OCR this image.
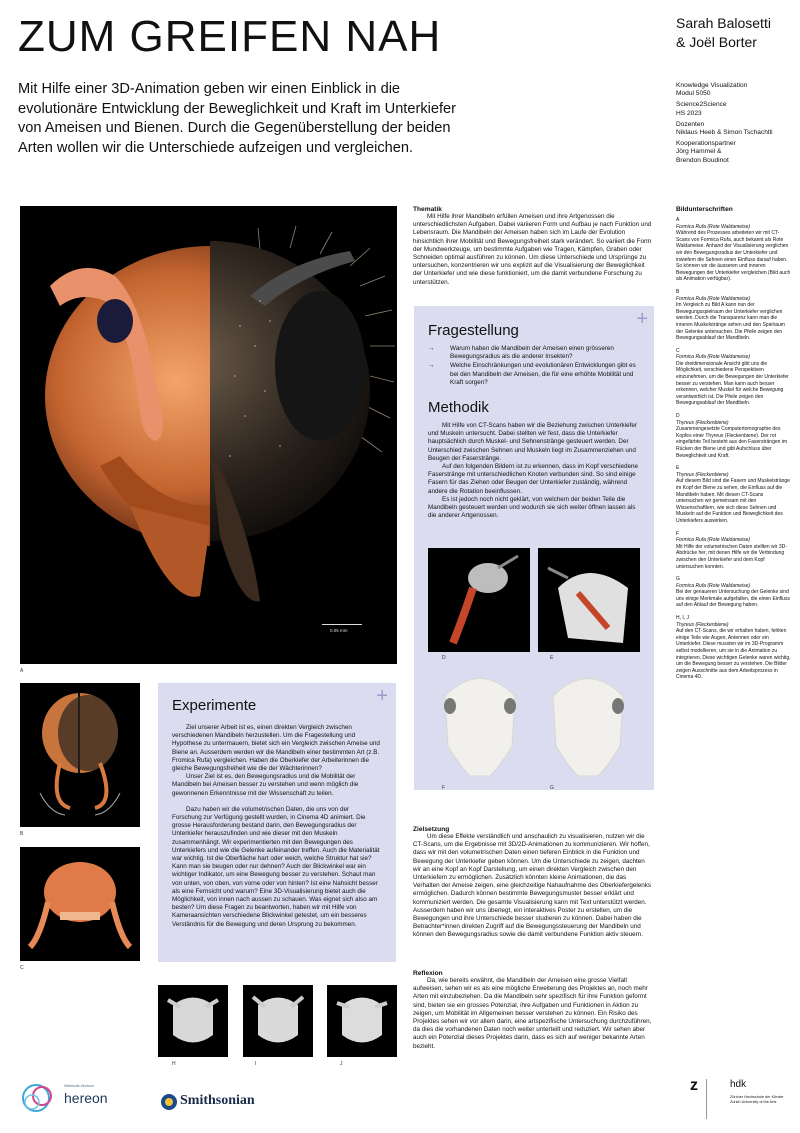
ZUM GREIFEN NAH	Sarah Balosetti
& Joël Borter
Mit Hilfe einer 3D-Animation geben wir einen Einblick in die evolutionäre Entwicklung der Beweglichkeit und Kraft im Unterkiefer von Ameisen und Bienen. Durch die Gegenüberstellung der beiden Arten wollen wir die Unterschiede aufzeigen und vergleichen.
Knowledge Visualization
Modul 5050
Science2Science
HS 2023
Dozenten
Niklaus Heeb & Simon Tschachtli
Kooperationspartner
Jörg Hammel &
Brendon Boudinot
0.05 mm
A
B
C
H	I	J
+
Experimente

Ziel unserer Arbeit ist es, einen direkten Vergleich zwischen verschiedenen Mandibeln herzustellen. Um die Fragestellung und Hypothese zu untermauern, bietet sich ein Vergleich zwischen Ameise und Biene an. Ausserdem werden wir die Mandibeln einer bestimmten Art (z.B. Fromica Rufa) vergleichen. Haben die Oberkiefer der Arbeiterinnen die gleiche Bewegungsfreiheit wie die der Wächterinnen?

Unser Ziel ist es, den Bewegungsradius und die Mobilität der Mandibeln bei Ameisen besser zu verstehen und wenn möglich die gewonnenen Erkenntnisse mit der Wissenschaft zu teilen.

Dazu haben wir die volumetrischen Daten, die uns von der Forschung zur Verfügung gestellt wurden, in Cinema 4D animiert. Die grosse Herausforderung bestand darin, den Bewegungsradius der Unterkiefer herauszufinden und wie dieser mit den Muskeln zusammenhängt. Wir experimentierten mit den Bewegungen des Unterkiefers und wie die Gelenke aufeinander treffen. Auch die Materialität war wichtig. Ist die Oberfläche hart oder weich, welche Struktur hat sie? Kann man sie beugen oder nur dehnen? Auch der Blickwinkel war ein wichtiger Indikator, um eine Bewegung besser zu verstehen. Schaut man von unten, von oben, von vorne oder von hinten? Ist eine Nahsicht besser als eine Fernsicht und warum? Eine 3D-Visualisierung bietet auch die Möglichkeit, von innen nach aussen zu schauen. Was eignet sich also am besten? Um diese Fragen zu beantworten, haben wir mit Hilfe von Kameraansichten verschiedene Blickwinkel getestet, um ein besseres Verständnis für die Bewegung und deren Ursprung zu bekommen.

Thematik

Mit Hilfe ihrer Mandibeln erfüllen Ameisen und ihre Artgenossen die unterschiedlichsten Aufgaben. Dabei variieren Form und Aufbau je nach Funktion und Lebensraum. Die Mandibeln der Ameisen haben sich im Laufe der Evolution hinsichtlich ihrer Mobilität und Bewegungsfreiheit stark verändert. So variiert die Form der Mundwerkzeuge, um bestimmte Aufgaben wie Tragen, Kämpfen, Graben oder Schneiden optimal ausführen zu können. Um diese Unterschiede und Ursprünge zu untersuchen, konzentrieren wir uns explizit auf die Visualisierung der Beweglichkeit der Unterkiefer und wie diese funktioniert, um die damit verbundene Forschung zu unterstützen.

+
Fragestellung
→ Warum haben die Mandibeln der Ameisen einen grösseren Bewegungsradius als die anderer Insekten?
→ Welche Einschränkungen und evolutionären Entwicklungen gibt es bei den Mandibeln der Ameisen, die für eine erhöhte Mobilität und Kraft sorgen?
Methodik

Mit Hilfe von CT-Scans haben wir die Beziehung zwischen Unterkiefer und Muskeln untersucht. Dabei stellten wir fest, dass die Unterkiefer hauptsächlich durch Muskel- und Sehnenstränge gesteuert werden. Der Unterschied zwischen Sehnen und Muskeln liegt im Zusammenziehen und Beugen der Faserstränge.

Auf den folgenden Bildern ist zu erkennen, dass im Kopf verschiedene Faserstränge mit unterschiedlichen Knoten verbunden sind. So sind einige Fasern für das Ziehen oder Beugen der Unterkiefer zuständig, während andere die Rotation beeinflussen.

Es ist jedoch noch nicht geklärt, von welchem der beiden Teile die Mandibeln gesteuert werden und wodurch sie sich weiter öffnen lassen als die anderer Artgenossen.

D	E
F	G
Zielsetzung

Um diese Effekte verständlich und anschaulich zu visualisieren, nutzen wir die CT-Scans, um die Ergebnisse mit 3D/2D-Animationen zu kommunizieren. Wir hoffen, dass wir mit den volumetrischen Daten einen tieferen Einblick in die Funktion und Bewegung der Unterkiefer geben können. Um die Unterschiede zu zeigen, dachten wir an eine Kopf an Kopf Darstellung, um einen direkten Vergleich zwischen den Unterkiefern zu ermöglichen. Zusätzlich könnten kleine Animationen, die das Verhalten der Ameise zeigen, eine gleichzeitige Nahaufnahme des Oberkiefergelenks ermöglichen. Dadurch können bestimmte Bewegungsmuster besser erklärt und kommuniziert werden. Die gesamte Visualisierung kann mit Text unterstützt werden. Ausserdem haben wir uns überlegt, ein interaktives Poster zu erstellen, um die Bewegungen und ihre Unterschiede besser studieren zu können. Dabei haben die Betrachter*innen direkten Zugriff auf die Bewegungssteuerung der Mandibeln und können den Bewegungsradius sowie die damit verbundene Funktion aktiv steuern.

Reflexion

Da, wie bereits erwähnt, die Mandibeln der Ameisen eine grosse Vielfalt aufweisen, sehen wir es als eine mögliche Erweiterung des Projektes an, noch mehr Arten mit einzubeziehen. Da die Mandibeln sehr spezifisch für ihre Funktion geformt sind, bieten sie ein grosses Potenzial, ihre Aufgaben und Funktionen in Aktion zu zeigen, um Mobilität im Allgemeinen besser verstehen zu können. Ein Risiko des Projektes sehen wir vor allem darin, eine artspezifische Untersuchung durchzuführen, da dies die vorhandenen Daten noch weiter unterteilt und reduziert. Wir sehen aber auch ein Potenzial dieses Projektes darin, dass es sich auf weniger bekannte Arten bezieht.

Bildunterschriften
A
Formica Rufa (Rote Waldameise)
Während des Prozesses arbeiteten wir mit CT-Scans von Formica Rufa, auch bekannt als Rote Waldameise. Anhand der Visualisierung verglichen wir den Bewegungsradius der Unterkiefer und inwiefern die Sehnen einen Einfluss darauf haben. So können wir die äusseren und inneren Bewegungen der Unterkiefer vergleichen (Bild auch als Animation verfügbar).
B
Formica Rufa (Rote Waldameise)
Im Vergleich zu Bild A kann nun der Bewegungsspielraum der Unterkiefer verglichen werden. Durch die Transparenz kann man die inneren Muskelstränge sehen und den Spielraum der Gelenke untersuchen. Die Pfeile zeigen den Bewegungsablauf der Mandibeln.
C
Formica Rufa (Rote Waldameise)
Die dreidimensionale Ansicht gibt uns die Möglichkeit, verschiedene Perspektiven einzunehmen, um die Bewegungen der Unterkiefer besser zu verstehen. Man kann auch besser erkennen, welcher Muskel für welche Bewegung verantwortlich ist. Die Pfeile zeigen den Bewegungsablauf der Mandibeln.
D
Thyreus (Fleckenbiene)
Zusammengesetzte Computertomographie des Kopfes einer Thyreus (Fleckenbiene). Der rot eingefärbte Teil besteht aus den Fasersträngen im Rücken der Biene und gibt Aufschluss über Beweglichkeit und Kraft.
E
Thyreus (Fleckenbiene)
Auf diesem Bild sind die Fasern und Muskelstränge im Kopf der Biene zu sehen, die Einfluss auf die Mandibeln haben. Mit diesen CT-Scans untersuchen wir gemeinsam mit den Wissenschaftlern, wie sich diese Sehnen und Muskeln auf die Funktion und Beweglichkeit des Unterkiefers auswirken.
F
Formica Rufa (Rote Waldameise)
Mit Hilfe der volumetrischen Daten stellten wir 3D-Abdrücke her, mit denen Hilfe wir die Verbindung zwischen den Unterkiefer und dem Kopf untersuchen konnten.
G
Formica Rufa (Rote Waldameise)
Bei der genaueren Untersuchung der Gelenke sind uns einige Merkmale aufgefallen, die einen Einfluss auf den Ablauf der Bewegung haben.
H, I, J
Thyreus (Fleckenbiene)
Auf den CT-Scans, die wir erhalten haben, fehlten einige Teile wie Augen, Antennen oder ein Unterkiefer. Diese mussten wir im 3D-Programm selbst modellieren, um sie in die Animation zu integrieren. Diese wichtigen Gelenke waren wichtig, um die Bewegung besser zu verstehen. Die Bilder zeigen Ausschnitte aus dem Arbeitsprozess in Cinema 4D.
Helmholtz-Zentrum
hereon	Smithsonian
z	hdk
Zürcher Hochschule der Künste Zurich University of the Arts
